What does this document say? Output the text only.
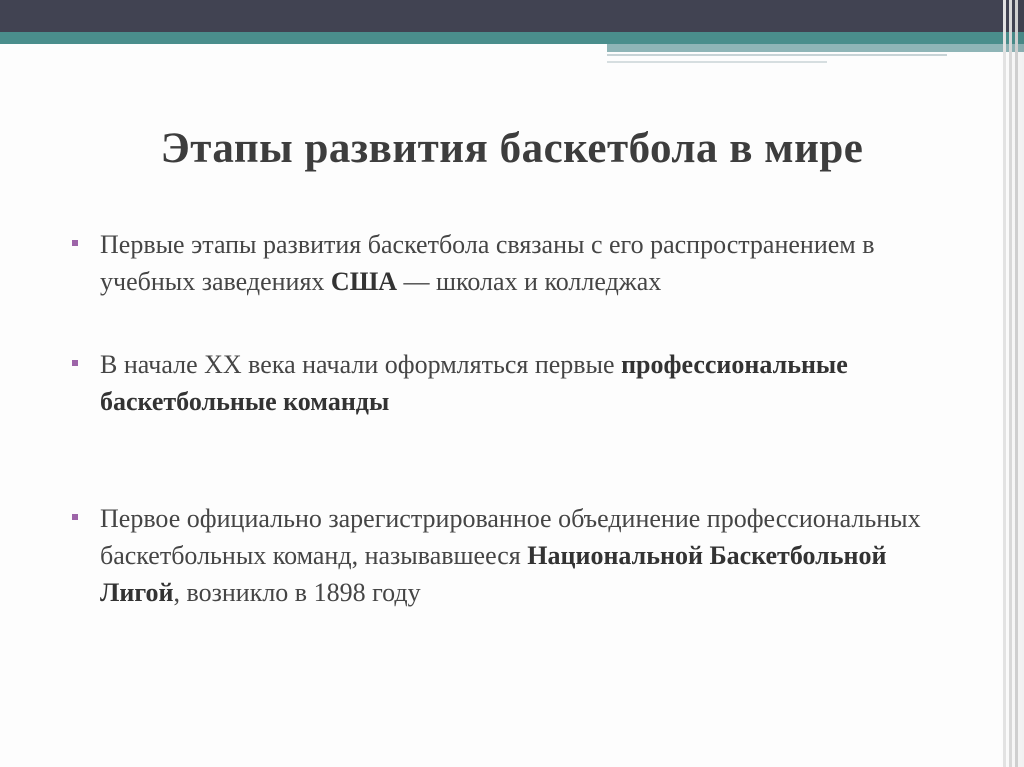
Этапы развития баскетбола в мире
Первые этапы развития баскетбола связаны с его распространением в учебных заведениях США — школах и колледжах
В начале XX века начали оформляться первые профессиональные баскетбольные команды
Первое официально зарегистрированное объединение профессиональных баскетбольных команд, называвшееся Национальной Баскетбольной Лигой, возникло в 1898 году
